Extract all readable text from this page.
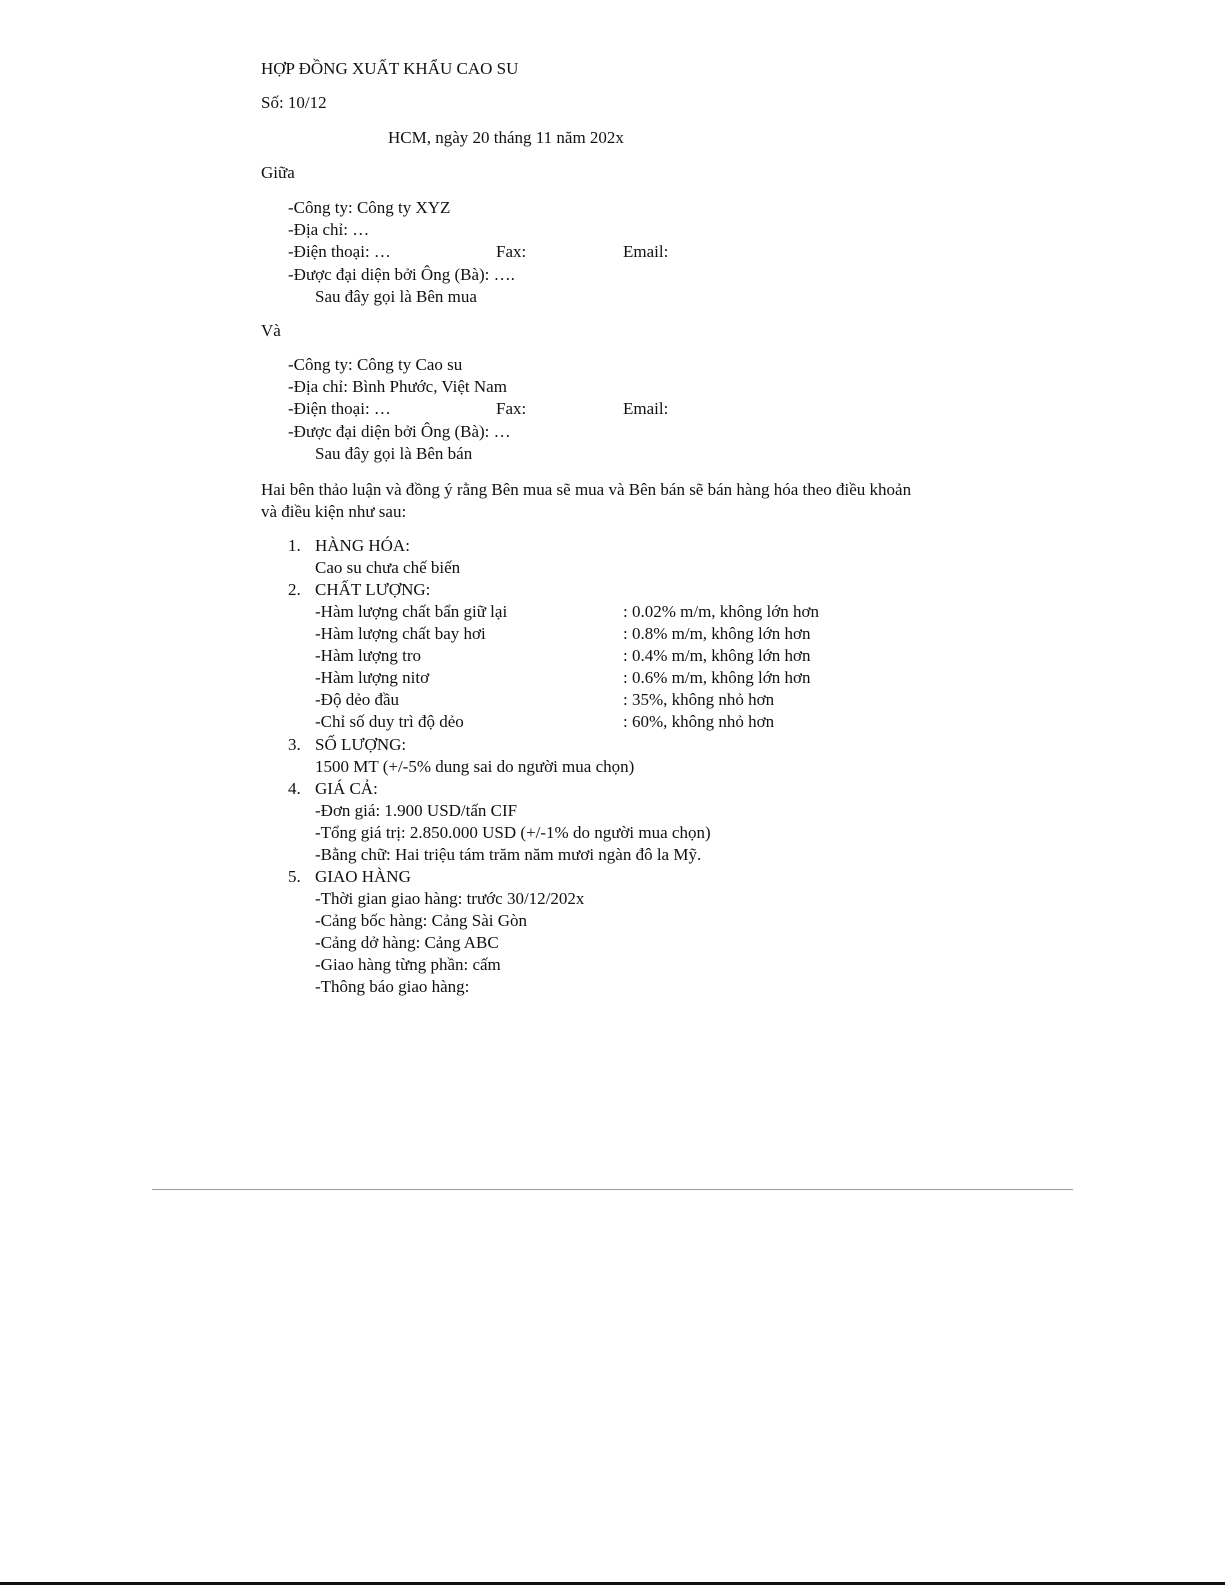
HỢP ĐỒNG XUẤT KHẨU CAO SU
Số: 10/12
HCM, ngày 20 tháng 11 năm 202x
Giữa
-Công ty: Công ty XYZ
-Địa chỉ: …
-Điện thoại: …	Fax:	Email:
-Được đại diện bởi Ông (Bà): ….
Sau đây gọi là Bên mua
Và
-Công ty: Công ty Cao su
-Địa chỉ: Bình Phước, Việt Nam
-Điện thoại: …	Fax:	Email:
-Được đại diện bởi Ông (Bà): …
Sau đây gọi là Bên bán
Hai bên thảo luận và đồng ý rằng Bên mua sẽ mua và Bên bán sẽ bán hàng hóa theo điều khoản
và điều kiện như sau:
1. HÀNG HÓA:
Cao su chưa chế biến
2. CHẤT LƯỢNG:
-Hàm lượng chất bẩn giữ lại	: 0.02% m/m, không lớn hơn
-Hàm lượng chất bay hơi	: 0.8% m/m, không lớn hơn
-Hàm lượng tro	: 0.4% m/m, không lớn hơn
-Hàm lượng nitơ	: 0.6% m/m, không lớn hơn
-Độ dẻo đầu	: 35%, không nhỏ hơn
-Chỉ số duy trì độ dẻo	: 60%, không nhỏ hơn
3. SỐ LƯỢNG:
1500 MT (+/-5% dung sai do người mua chọn)
4. GIÁ CẢ:
-Đơn giá: 1.900 USD/tấn CIF
-Tổng giá trị: 2.850.000 USD (+/-1% do người mua chọn)
-Bằng chữ: Hai triệu tám trăm năm mươi ngàn đô la Mỹ.
5. GIAO HÀNG
-Thời gian giao hàng: trước 30/12/202x
-Cảng bốc hàng: Cảng Sài Gòn
-Cảng dở hàng: Cảng ABC
-Giao hàng từng phần: cấm
-Thông báo giao hàng:
